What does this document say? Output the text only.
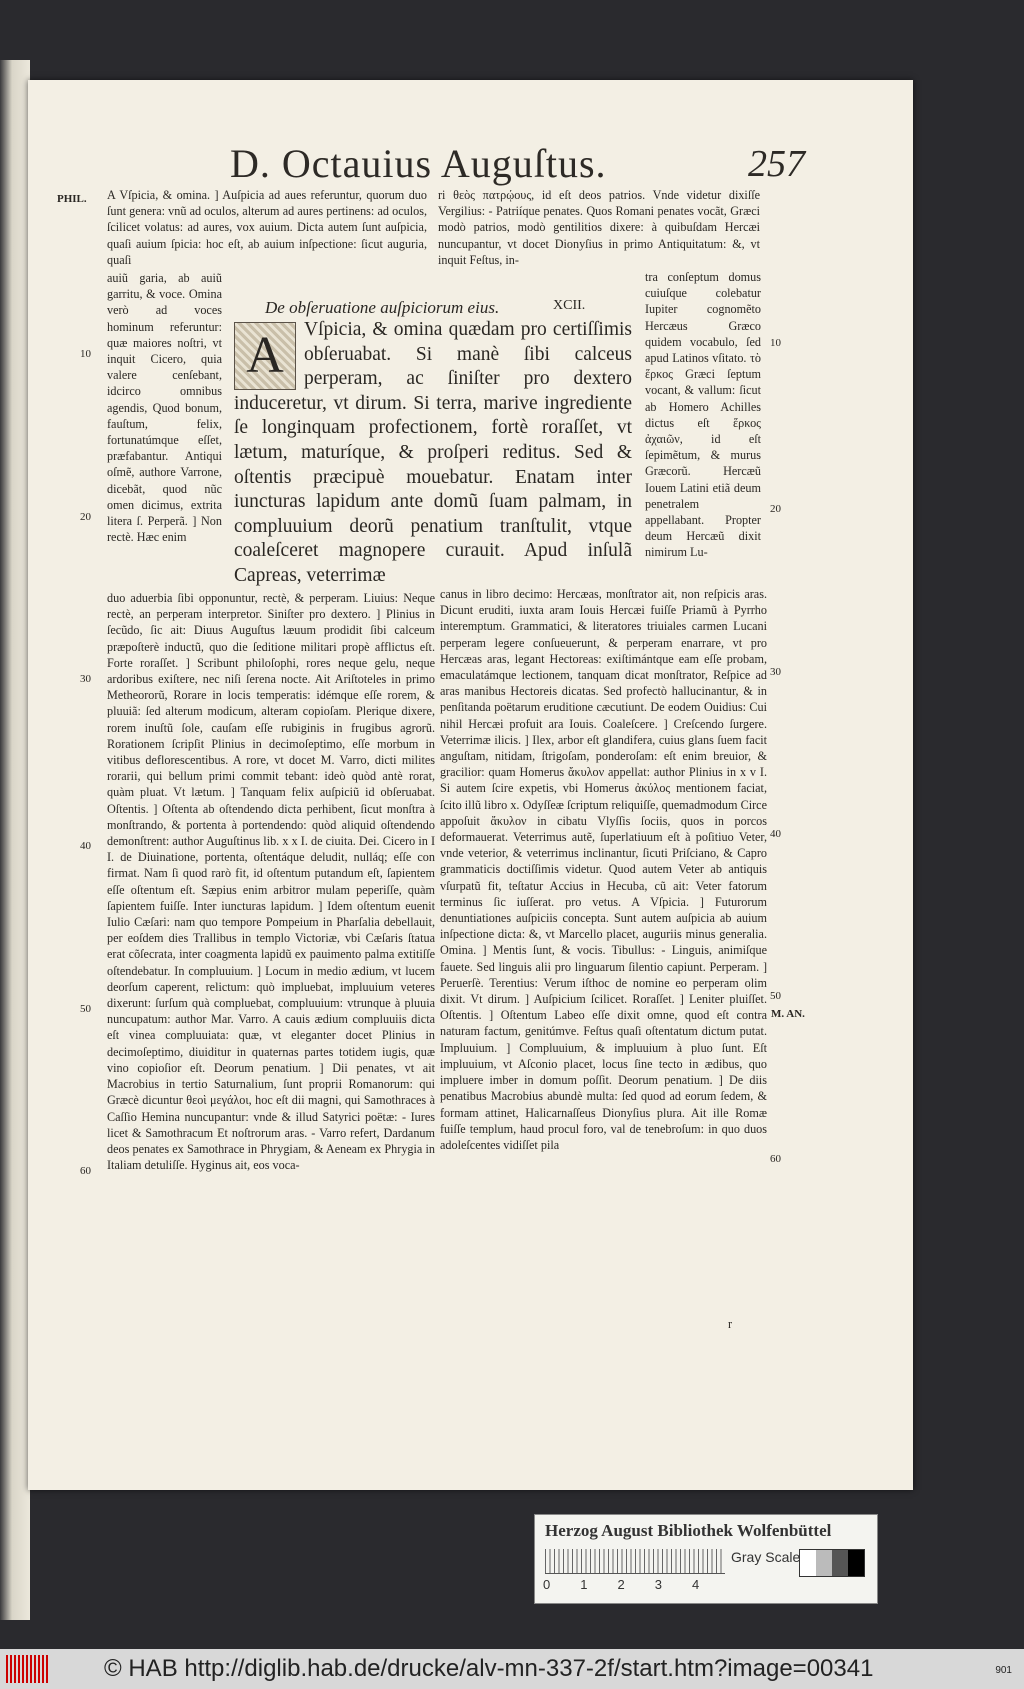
D. Octauius Auguſtus.	257
PHIL.
M. AN.
10
20
30
40
50
60
10
20
30
40
50
60

A Vſpicia, & omina. ] Auſpicia ad aues referuntur, quorum duo ſunt genera: vnũ ad oculos, alterum ad aures pertinens: ad oculos, ſcilicet volatus: ad aures, vox auium. Dicta autem ſunt auſpicia, quaſi auium ſpicia: hoc eſt, ab auium inſpectione: ſicut auguria, quaſi

auiũ garia, ab auiũ garritu, & voce. Omina verò ad voces hominum referuntur: quæ maiores noſtri, vt inquit Cicero, quia valere cenſebant, idcirco omnibus agendis, Quod bonum, fauſtum, felix, fortunatúmque eſſet, præfabantur. Antiqui oſmẽ, authore Varrone, dicebãt, quod nũc omen dicimus, extrita litera ſ. Perperã. ] Non rectè. Hæc enim

duo aduerbia ſibi opponuntur, rectè, & perperam. Liuius: Neque rectè, an perperam interpretor. Siniſter pro dextero. ] Plinius in ſecũdo, ſic ait: Diuus Auguſtus læuum prodidit ſibi calceum præpoſterè inductũ, quo die ſeditione militari propè afflictus eſt. Forte roraſſet. ] Scribunt philoſophi, rores neque gelu, neque ardoribus exiſtere, nec niſi ſerena nocte. Ait Ariſtoteles in primo Metheororũ, Rorare in locis temperatis: idémque eſſe rorem, & pluuiã: ſed alterum modicum, alteram copioſam. Plerique dixere, rorem inuſtũ ſole, cauſam eſſe rubiginis in frugibus agrorũ. Rorationem ſcripſit Plinius in decimoſeptimo, eſſe morbum in vitibus deflorescentibus. A rore, vt docet M. Varro, dicti milites rorarii, qui bellum primi commit tebant: ideò quòd antè rorat, quàm pluat. Vt lætum. ] Tanquam felix auſpiciũ id obſeruabat. Oſtentis. ] Oſtenta ab oſtendendo dicta perhibent, ſicut monſtra à monſtrando, & portenta à portendendo: quòd aliquid oſtendendo demonſtrent: author Auguſtinus lib. x x I. de ciuita. Dei. Cicero in I I. de Diuinatione, portenta, oſtentáque deludit, nulláq; eſſe con firmat. Nam ſi quod rarò fit, id oſtentum putandum eſt, ſapientem eſſe oſtentum eſt. Sæpius enim arbitror mulam peperiſſe, quàm ſapientem fuiſſe. Inter iuncturas lapidum. ] Idem oſtentum euenit Iulio Cæſari: nam quo tempore Pompeium in Pharſalia debellauit, per eoſdem dies Trallibus in templo Victoriæ, vbi Cæſaris ſtatua erat cõſecrata, inter coagmenta lapidũ ex pauimento palma extitiſſe oſtendebatur. In compluuium. ] Locum in medio ædium, vt lucem deorſum caperent, relictum: quò impluebat, impluuium veteres dixerunt: ſurſum quà compluebat, compluuium: vtrunque à pluuia nuncupatum: author Mar. Varro. A cauis ædium compluuiis dicta eſt vinea compluuiata: quæ, vt eleganter docet Plinius in decimoſeptimo, diuiditur in quaternas partes totidem iugis, quæ vino copioſior eſt. Deorum penatium. ] Dii penates, vt ait Macrobius in tertio Saturnalium, ſunt proprii Romanorum: qui Græcè dicuntur θεοὶ μεγάλοι, hoc eſt dii magni, qui Samothraces à Caſſio Hemina nuncupantur: vnde & illud Satyrici poëtæ: - Iures licet & Samothracum Et noſtrorum aras. - Varro refert, Dardanum deos penates ex Samothrace in Phrygiam, & Aeneam ex Phrygia in Italiam detuliſſe. Hyginus ait, eos voca-

De obſeruatione auſpiciorum eius.	XCII.
A	Vſpicia, & omina quædam pro certiſſimis obſeruabat. Si manè ſibi calceus perperam, ac ſiniſter pro dextero induceretur, vt dirum. Si terra, marive ingrediente ſe longinquam profectionem, fortè roraſſet, vt lætum, maturíque, & proſperi reditus. Sed & oſtentis præcipuè mouebatur. Enatam inter iuncturas lapidum ante domũ ſuam palmam, in compluuium deorũ penatium tranſtulit, vtque coaleſceret magnopere curauit. Apud inſulã Capreas, veterrimæ

ri θεὸς πατρῴους, id eſt deos patrios. Vnde videtur dixiſſe Vergilius: - Patriíque penates. Quos Romani penates vocãt, Græci modò patrios, modò gentilitios dixere: à quibuſdam Hercæi nuncupantur, vt docet Dionyſius in primo Antiquitatum: &, vt inquit Feſtus, in-

tra conſeptum domus cuiuſque colebatur Iupiter cognomẽto Hercæus Græco quidem vocabulo, ſed apud Latinos vſitato. τὸ ἕρκος Græci ſeptum vocant, & vallum: ſicut ab Homero Achilles dictus eſt ἕρκος ἀχαιῶν, id eſt ſepimẽtum, & murus Græcorũ. Hercæũ Iouem Latini etiã deum penetralem appellabant. Propter deum Hercæũ dixit nimirum Lu-

canus in libro decimo: Hercæas, monſtrator ait, non reſpicis aras. Dicunt eruditi, iuxta aram Iouis Hercæi fuiſſe Priamũ à Pyrrho interemptum. Grammatici, & literatores triuiales carmen Lucani perperam legere conſueuerunt, & perperam enarrare, vt pro Hercæas aras, legant Hectoreas: exiſtimántque eam eſſe probam, emaculatámque lectionem, tanquam dicat monſtrator, Reſpice ad aras manibus Hectoreis dicatas. Sed profectò hallucinantur, & in penſitanda poëtarum eruditione cæcutiunt. De eodem Ouidius: Cui nihil Hercæi profuit ara Iouis. Coaleſcere. ] Creſcendo ſurgere. Veterrimæ ilicis. ] Ilex, arbor eſt glandifera, cuius glans ſuem facit anguſtam, nitidam, ſtrigoſam, ponderoſam: eſt enim breuior, & gracilior: quam Homerus ἄκυλον appellat: author Plinius in x v I. Si autem ſcire expetis, vbi Homerus ἀκύλος mentionem faciat, ſcito illũ libro x. Odyſſeæ ſcriptum reliquiſſe, quemadmodum Circe appoſuit ἄκυλον in cibatu Vlyſſis ſociis, quos in porcos deformauerat. Veterrimus autẽ, ſuperlatiuum eſt à poſitiuo Veter, vnde veterior, & veterrimus inclinantur, ſicuti Priſciano, & Capro grammaticis doctiſſimis videtur. Quod autem Veter ab antiquis vſurpatũ fit, teſtatur Accius in Hecuba, cũ ait: Veter fatorum terminus ſic iuſſerat. pro vetus. A Vſpicia. ] Futurorum denuntiationes auſpiciis concepta. Sunt autem auſpicia ab auium inſpectione dicta: &, vt Marcello placet, auguriis minus generalia. Omina. ] Mentis ſunt, & vocis. Tibullus: - Linguis, animiſque fauete. Sed linguis alii pro linguarum ſilentio capiunt. Perperam. ] Peruerſè. Terentius: Verum iſthoc de nomine eo perperam olim dixit. Vt dirum. ] Auſpicium ſcilicet. Roraſſet. ] Leniter pluiſſet. Oſtentis. ] Oſtentum Labeo eſſe dixit omne, quod eſt contra naturam factum, genitúmve. Feſtus quaſi oſtentatum dictum putat. Impluuium. ] Compluuium, & impluuium à pluo ſunt. Eſt impluuium, vt Aſconio placet, locus ſine tecto in ædibus, quo impluere imber in domum poſſit. Deorum penatium. ] De diis penatibus Macrobius abundè multa: ſed quod ad eorum ſedem, & formam attinet, Halicarnaſſeus Dionyſius plura. Ait ille Romæ fuiſſe templum, haud procul foro, val de tenebroſum: in quo duos adoleſcentes vidiſſet pila

r
Herzog August Bibliothek Wolfenbüttel
0 1 2 3 4
Gray Scale
© HAB http://diglib.hab.de/drucke/alv-mn-337-2f/start.htm?image=00341	901
